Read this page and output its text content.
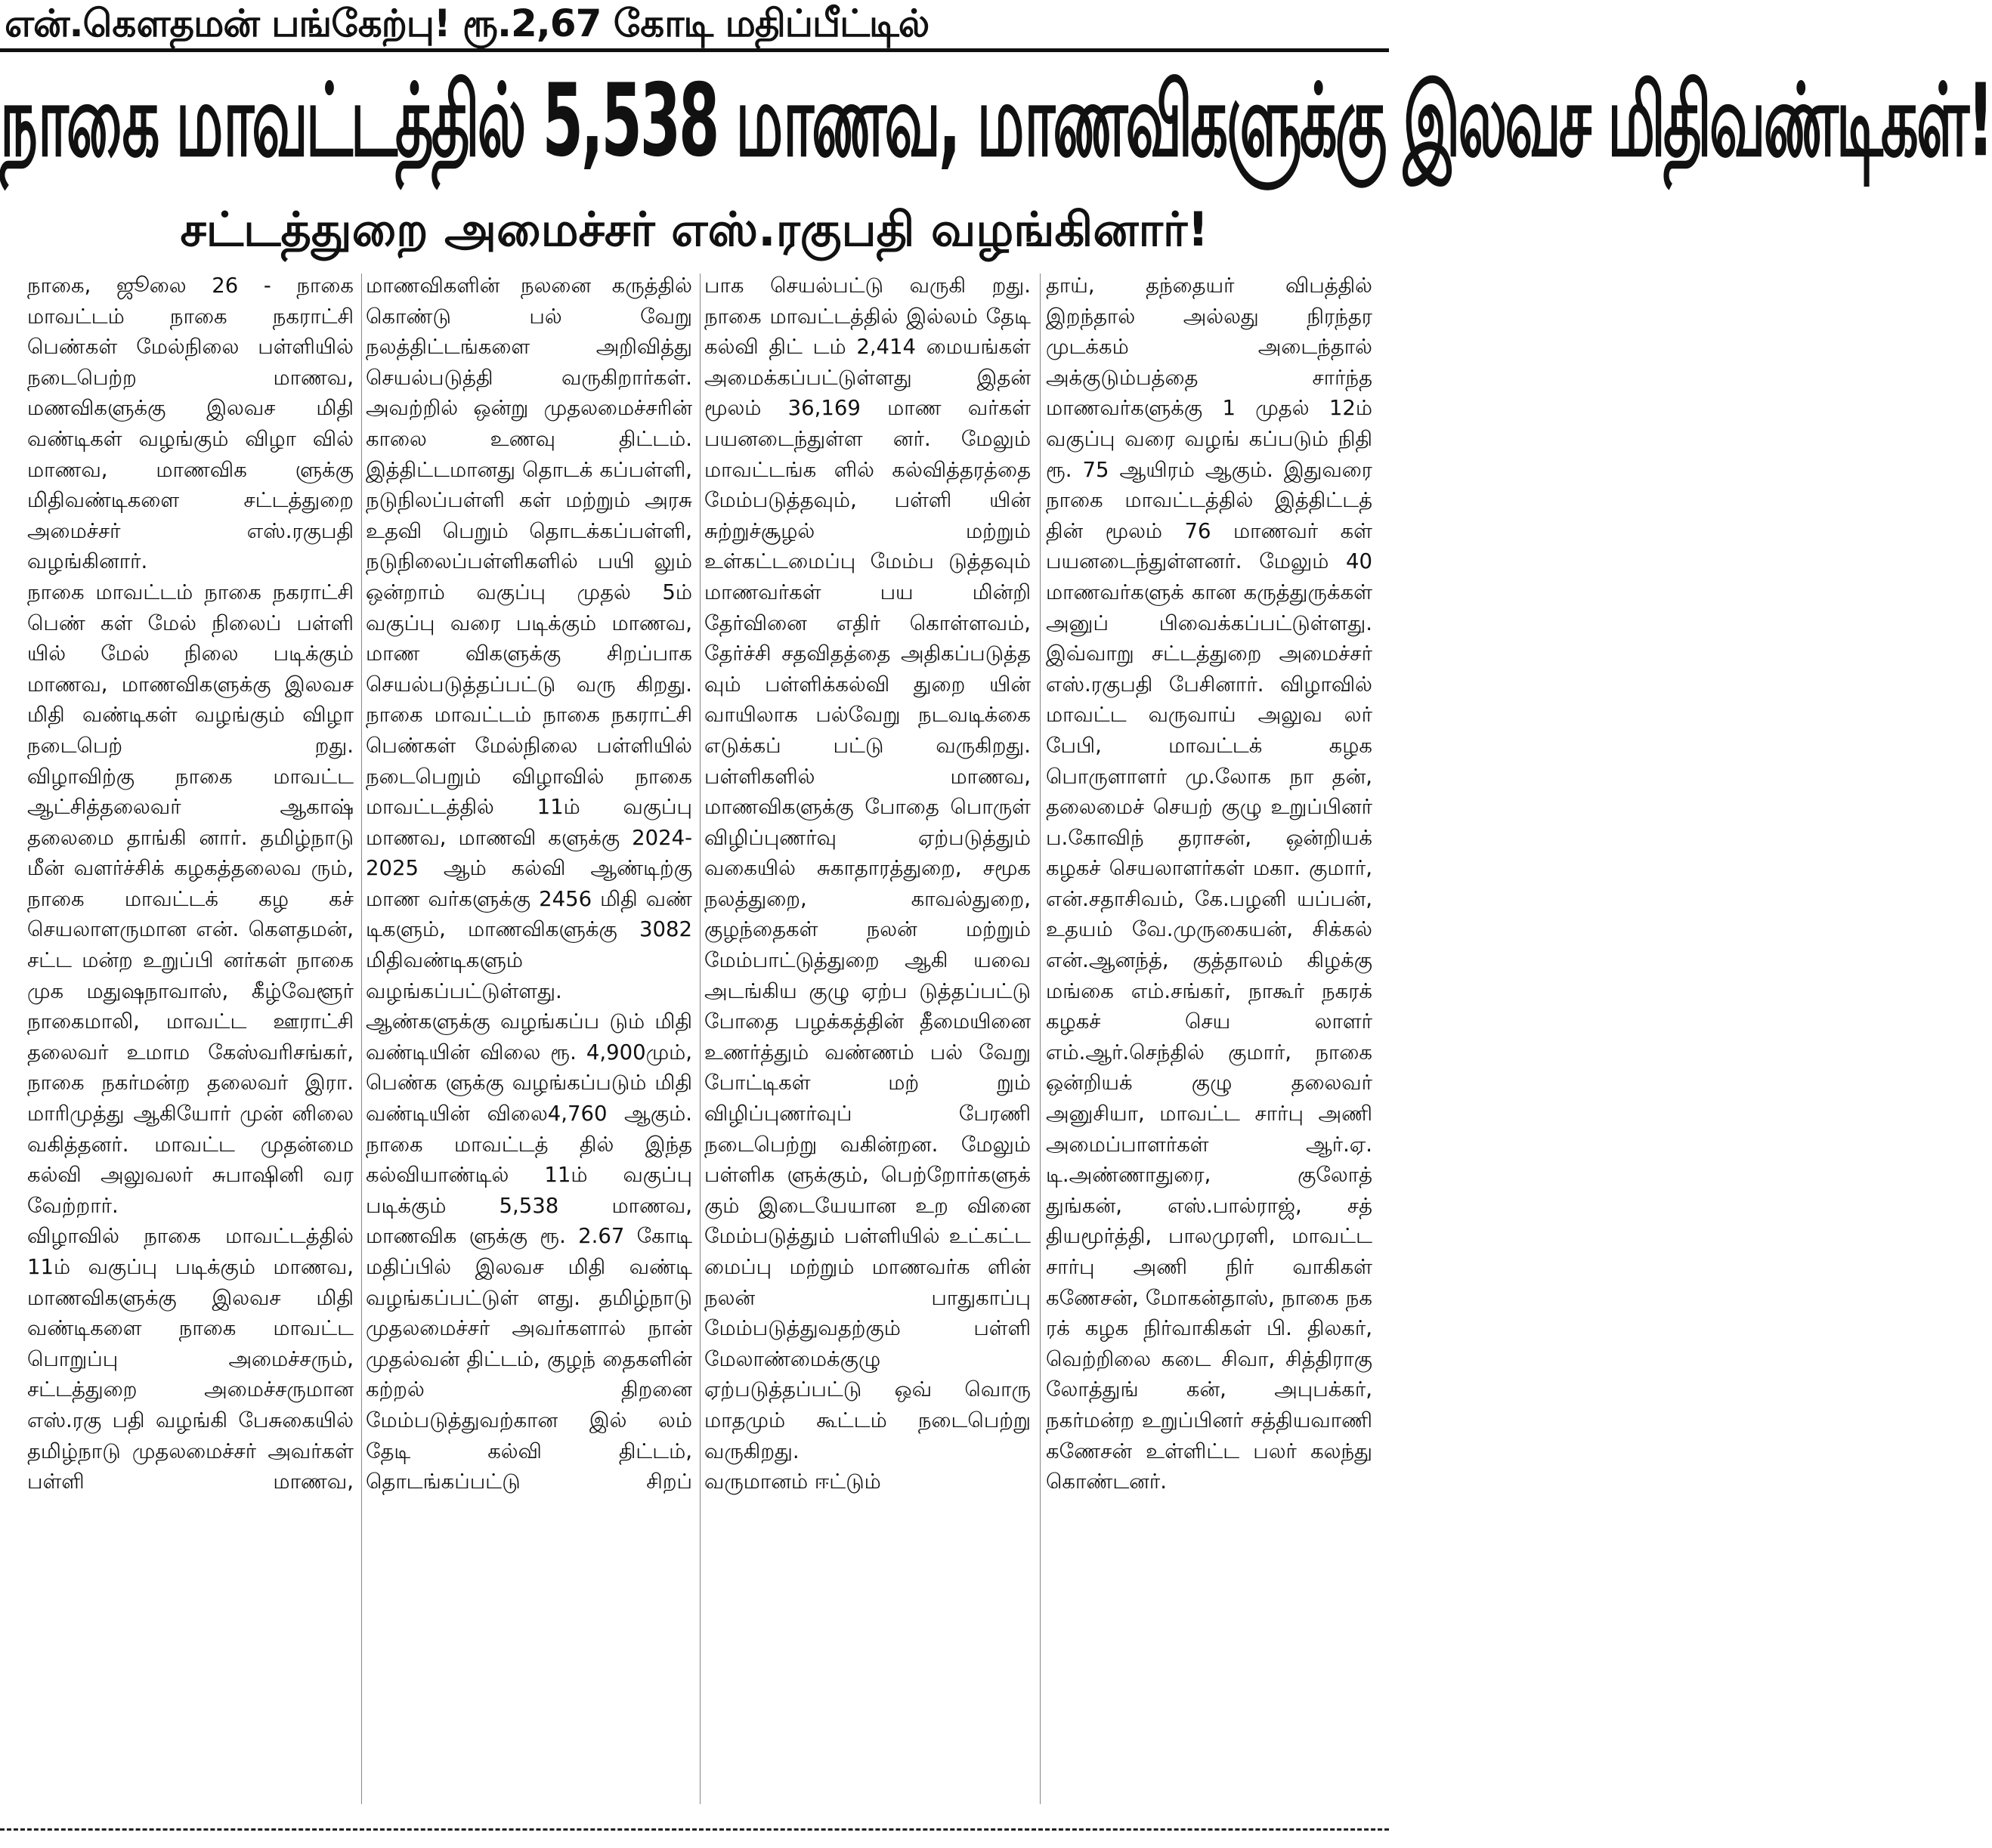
என்.கௌதமன் பங்கேற்பு! ரூ.2,67 கோடி மதிப்பீட்டில்
நாகை மாவட்டத்தில் 5,538 மாணவ, மாணவிகளுக்கு இலவச மிதிவண்டிகள்!
சட்டத்துறை அமைச்சர் எஸ்.ரகுபதி வழங்கினார்!

நாகை, ஜூலை 26 - நாகை மாவட்டம் நாகை நகராட்சி பெண்கள் மேல்நிலை பள்ளியில் நடைபெற்ற மாணவ, மணவிகளுக்கு இலவச மிதி வண்டிகள் வழங்கும் விழா வில் மாணவ, மாணவிக ளுக்கு மிதிவண்டிகளை சட்டத்துறை அமைச்சர் எஸ்.ரகுபதி வழங்கினார்.

நாகை மாவட்டம் நாகை நகராட்சி பெண் கள் மேல் நிலைப் பள்ளி யில் மேல் நிலை படிக்கும் மாணவ, மாணவிகளுக்கு இலவச மிதி வண்டிகள் வழங்கும் விழா நடைபெற் றது.

விழாவிற்கு நாகை மாவட்ட ஆட்சித்தலைவர் ஆகாஷ் தலைமை தாங்கி னார். தமிழ்நாடு மீன் வளர்ச்சிக் கழகத்தலைவ ரும், நாகை மாவட்டக் கழ கச் செயலாளருமான என். கௌதமன், சட்ட மன்ற உறுப்பி னர்கள் நாகை முக மதுஷநாவாஸ், கீழ்வேளூர் நாகைமாலி, மாவட்ட ஊராட்சி தலைவர் உமாம கேஸ்வரிசங்கர், நாகை நகர்மன்ற தலைவர் இரா. மாரிமுத்து ஆகியோர் முன் னிலை வகித்தனர். மாவட்ட முதன்மை கல்வி அலுவலர் சுபாஷினி வர வேற்றார்.

விழாவில் நாகை மாவட்டத்தில் 11ம் வகுப்பு படிக்கும் மாணவ, மாணவிகளுக்கு இலவச மிதி வண்டிகளை நாகை மாவட்ட பொறுப்பு அமைச்சரும், சட்டத்துறை அமைச்சருமான எஸ்.ரகு பதி வழங்கி பேசுகையில் தமிழ்நாடு முதலமைச்சர் அவர்கள் பள்ளி மாணவ,

மாணவிகளின் நலனை கருத்தில் கொண்டு பல் வேறு நலத்திட்டங்களை அறிவித்து செயல்படுத்தி வருகிறார்கள். அவற்றில் ஒன்று முதலமைச்சரின் காலை உணவு திட்டம். இத்திட்டமானது தொடக் கப்பள்ளி, நடுநிலப்பள்ளி கள் மற்றும் அரசு உதவி பெறும் தொடக்கப்பள்ளி, நடுநிலைப்பள்ளிகளில் பயி லும் ஒன்றாம் வகுப்பு முதல் 5ம் வகுப்பு வரை படிக்கும் மாணவ, மாண விகளுக்கு சிறப்பாக செயல்படுத்தப்பட்டு வரு கிறது.

நாகை மாவட்டம் நாகை நகராட்சி பெண்கள் மேல்நிலை பள்ளியில் நடைபெறும் விழாவில் நாகை மாவட்டத்தில் 11ம் வகுப்பு மாணவ, மாணவி களுக்கு 2024-2025 ஆம் கல்வி ஆண்டிற்கு மாண வர்களுக்கு 2456 மிதி வண் டிகளும், மாணவிகளுக்கு 3082 மிதிவண்டிகளும் வழங்கப்பட்டுள்ளது. ஆண்களுக்கு வழங்கப்ப டும் மிதி வண்டியின் விலை ரூ. 4,900மும், பெண்க ளுக்கு வழங்கப்படும் மிதி வண்டியின் விலை4,760 ஆகும். நாகை மாவட்டத் தில் இந்த கல்வியாண்டில் 11ம் வகுப்பு படிக்கும் 5,538 மாணவ, மாணவிக ளுக்கு ரூ. 2.67 கோடி மதிப்பில் இலவச மிதி வண்டி வழங்கப்பட்டுள் ளது. தமிழ்நாடு முதலமைச்சர் அவர்களால் நான் முதல்வன் திட்டம், குழந் தைகளின் கற்றல் திறனை மேம்படுத்துவற்கான இல் லம் தேடி கல்வி திட்டம், தொடங்கப்பட்டு சிறப்

பாக செயல்பட்டு வருகி றது. நாகை மாவட்டத்தில் இல்லம் தேடி கல்வி திட் டம் 2,414 மையங்கள் அமைக்கப்பட்டுள்ளது இதன் மூலம் 36,169 மாண வர்கள் பயனடைந்துள்ள னர். மேலும் மாவட்டங்க ளில் கல்வித்தரத்தை மேம்படுத்தவும், பள்ளி யின் சுற்றுச்சூழல் மற்றும் உள்கட்டமைப்பு மேம்ப டுத்தவும் மாணவர்கள் பய மின்றி தேர்வினை எதிர் கொள்ளவம், தேர்ச்சி சதவிதத்தை அதிகப்படுத்த வும் பள்ளிக்கல்வி துறை யின் வாயிலாக பல்வேறு நடவடிக்கை எடுக்கப் பட்டு வருகிறது.

பள்ளிகளில் மாணவ, மாணவிகளுக்கு போதை பொருள் விழிப்புணர்வு ஏற்படுத்தும் வகையில் சுகாதாரத்துறை, சமூக நலத்துறை, காவல்துறை, குழந்தைகள் நலன் மற்றும் மேம்பாட்டுத்துறை ஆகி யவை அடங்கிய குழு ஏற்ப டுத்தப்பட்டு போதை பழக்கத்தின் தீமையினை உணர்த்தும் வண்ணம் பல் வேறு போட்டிகள் மற் றும் விழிப்புணர்வுப் பேரணி நடைபெற்று வகின்றன. மேலும் பள்ளிக ளுக்கும், பெற்றோர்களுக் கும் இடையேயான உற வினை மேம்படுத்தும் பள்ளியில் உட்கட்ட மைப்பு மற்றும் மாணவர்க ளின் நலன் பாதுகாப்பு மேம்படுத்துவதற்கும் பள்ளி மேலாண்மைக்குழு ஏற்படுத்தப்பட்டு ஒவ் வொரு மாதமும் கூட்டம் நடைபெற்று வருகிறது.

வருமானம் ஈட்டும்

தாய், தந்தையர் விபத்தில் இறந்தால் அல்லது நிரந்தர முடக்கம் அடைந்தால் அக்குடும்பத்தை சார்ந்த மாணவர்களுக்கு 1 முதல் 12ம் வகுப்பு வரை வழங் கப்படும் நிதி ரூ. 75 ஆயிரம் ஆகும். இதுவரை நாகை மாவட்டத்தில் இத்திட்டத் தின் மூலம் 76 மாணவர் கள் பயனடைந்துள்ளனர். மேலும் 40 மாணவர்களுக் கான கருத்துருக்கள் அனுப் பிவைக்கப்பட்டுள்ளது.

இவ்வாறு சட்டத்துறை அமைச்சர் எஸ்.ரகுபதி பேசினார். விழாவில் மாவட்ட வருவாய் அலுவ லர் பேபி, மாவட்டக் கழக பொருளாளர் மு.லோக நா தன், தலைமைச் செயற் குழு உறுப்பினர் ப.கோவிந் தராசன், ஒன்றியக் கழகச் செயலாளர்கள் மகா. குமார், என்.சதாசிவம், கே.பழனி யப்பன், உதயம் வே.முருகையன், சிக்கல் என்.ஆனந்த், குத்தாலம் கிழக்கு மங்கை எம்.சங்கர், நாகூர் நகரக் கழகச் செய லாளர் எம்.ஆர்.செந்தில் குமார், நாகை ஒன்றியக் குழு தலைவர் அனுசியா, மாவட்ட சார்பு அணி அமைப்பாளர்கள் ஆர்.ஏ. டி.அண்ணாதுரை, குலோத் துங்கன், எஸ்.பால்ராஜ், சத் தியமூர்த்தி, பாலமுரளி, மாவட்ட சார்பு அணி நிர் வாகிகள் கணேசன், மோகன்தாஸ், நாகை நக ரக் கழக நிர்வாகிகள் பி. திலகர், வெற்றிலை கடை சிவா, சித்திராகு லோத்துங் கன், அபுபக்கர், நகர்மன்ற உறுப்பினர் சத்தியவாணி கணேசன் உள்ளிட்ட பலர் கலந்து கொண்டனர்.
